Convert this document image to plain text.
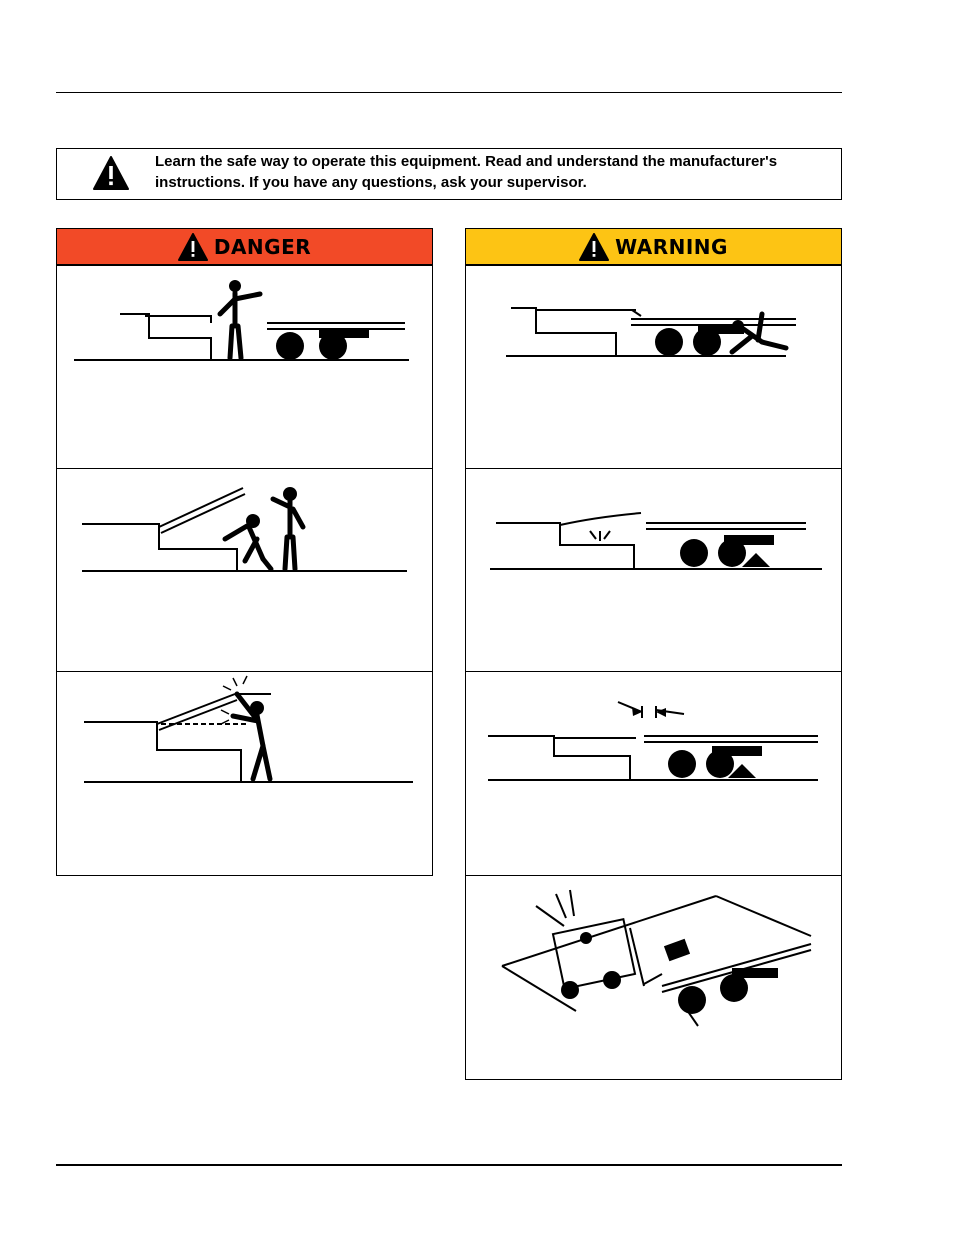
Learn the safe way to operate this equipment. Read and understand the manufacturer's instructions. If you have any questions, ask your supervisor.
DANGER	WARNING
